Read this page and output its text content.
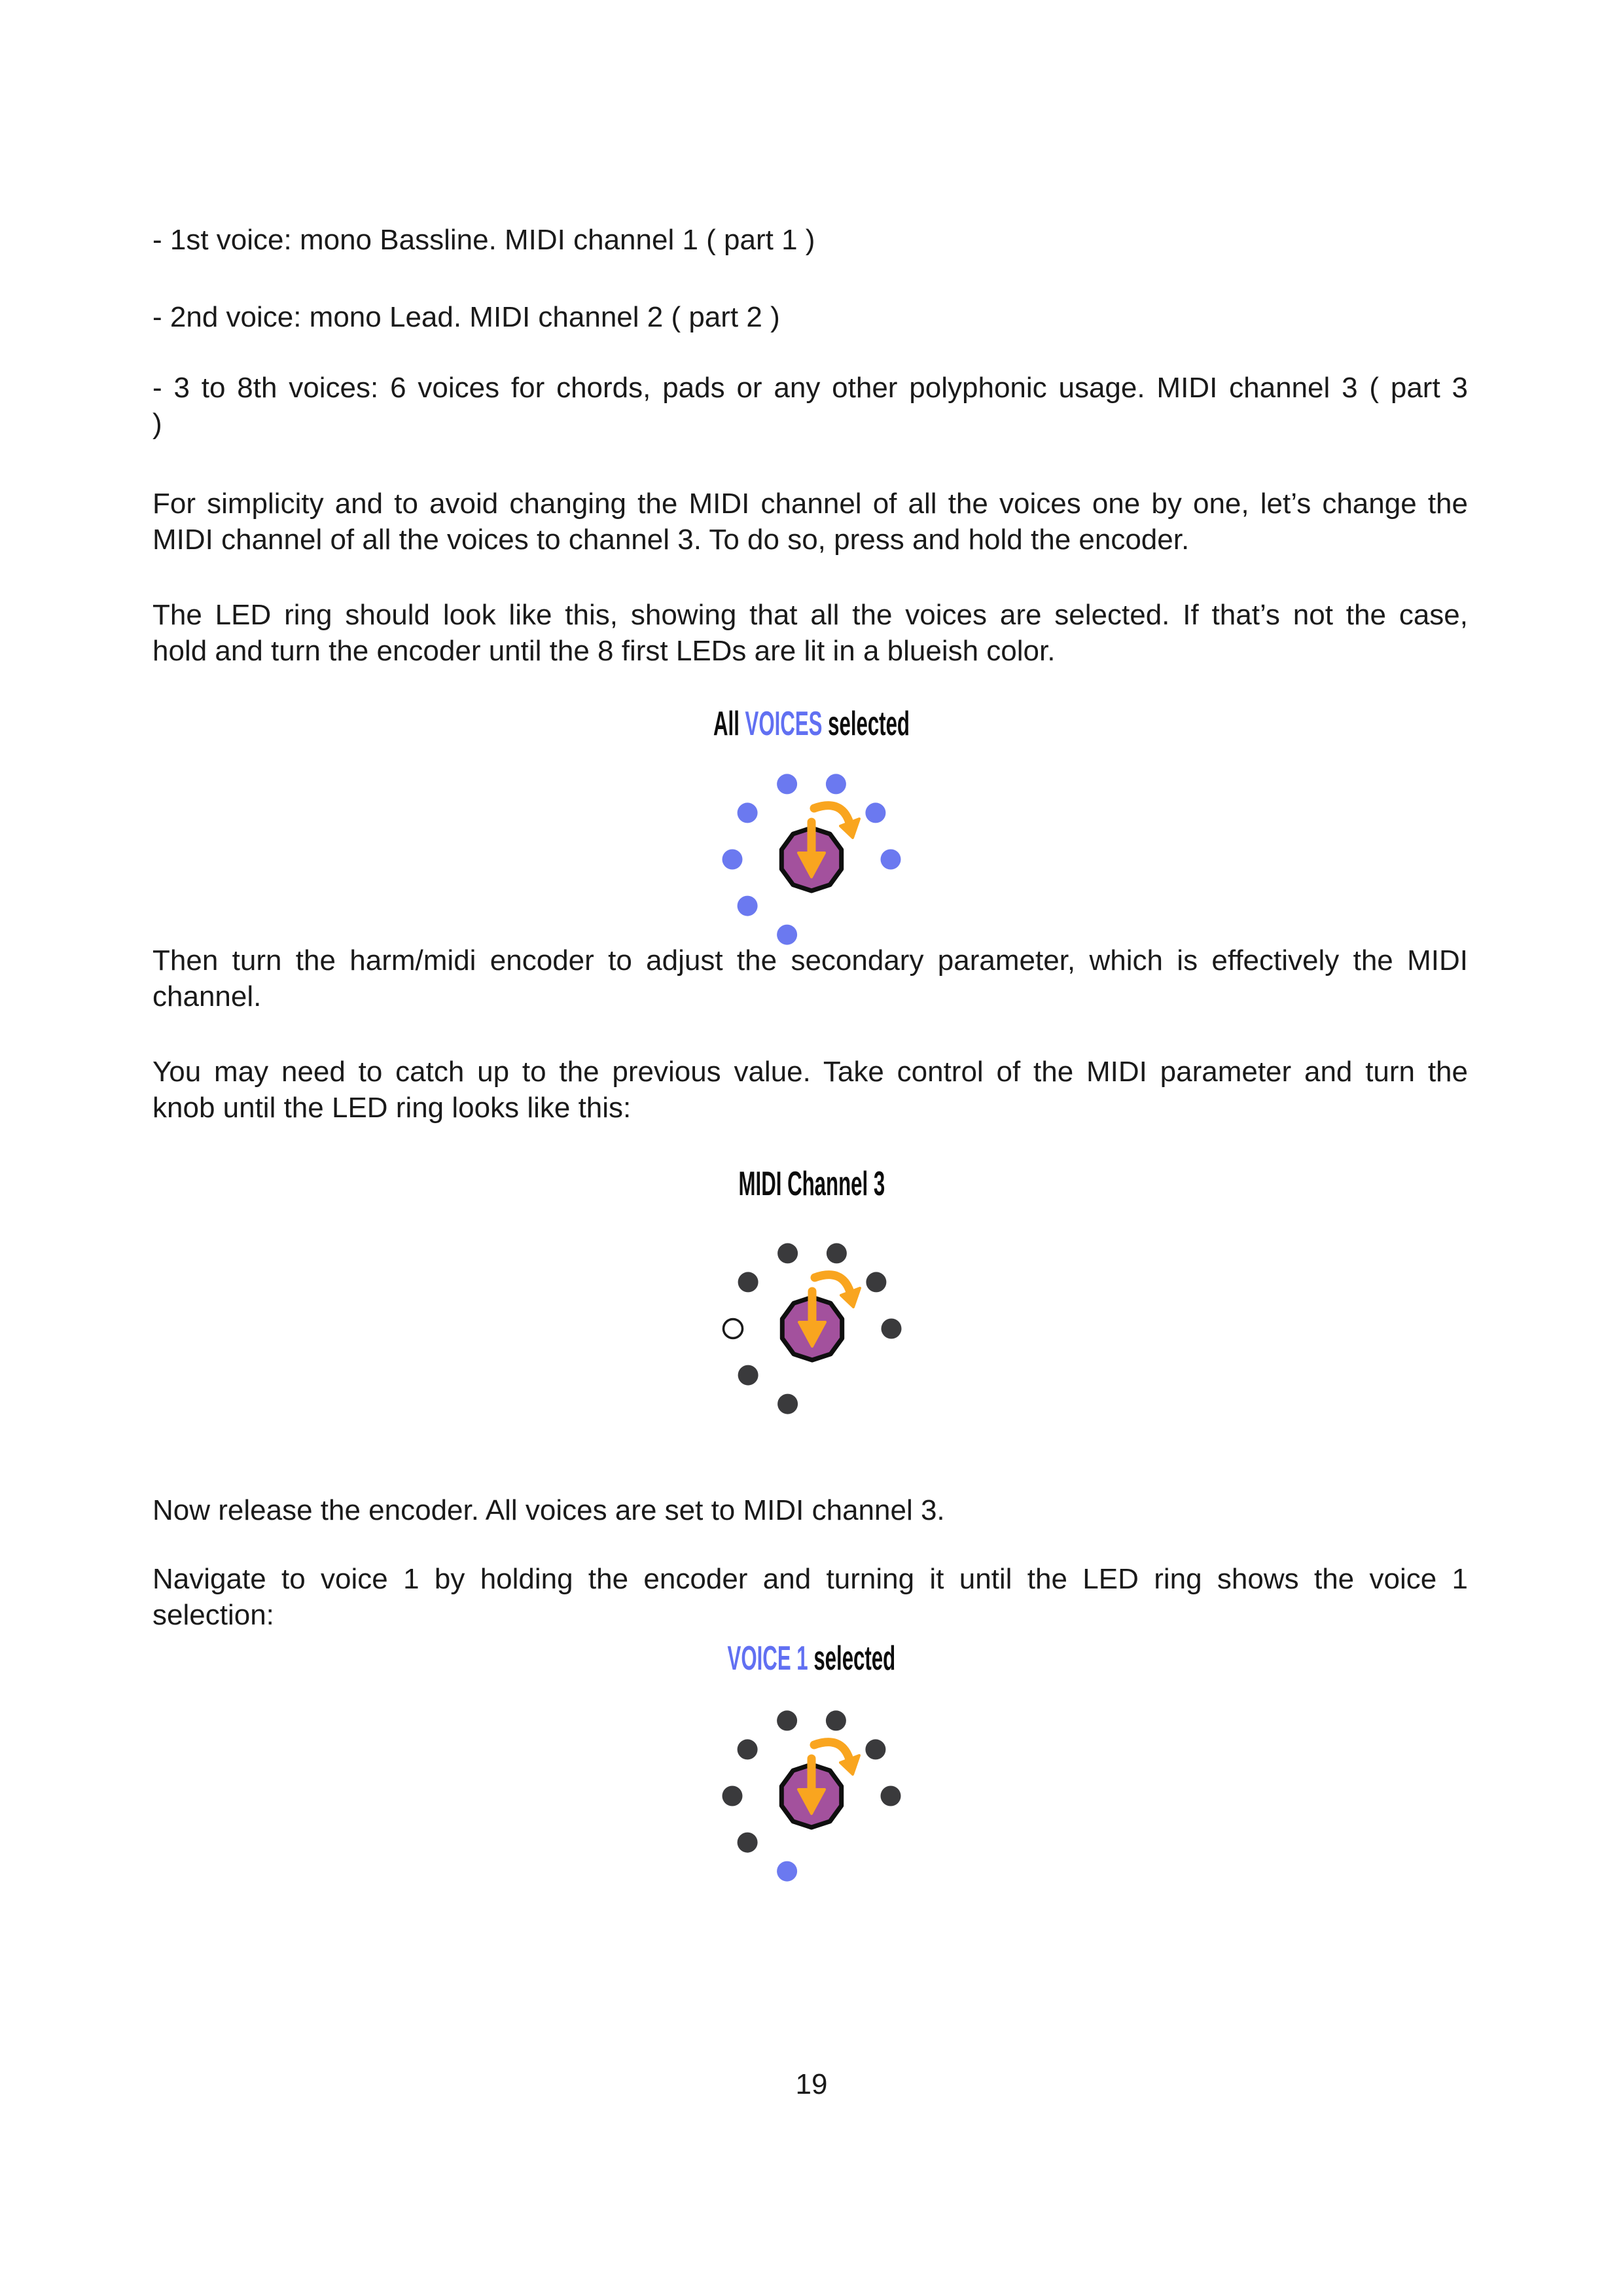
- 1st voice: mono Bassline. MIDI channel 1 ( part 1 )
- 2nd voice: mono Lead. MIDI channel 2 ( part 2 )
- 3 to 8th voices: 6 voices for chords, pads or any other polyphonic usage. MIDI channel 3 ( part 3
)
For simplicity and to avoid changing the MIDI channel of all the voices one by one, let’s change the
MIDI channel of all the voices to channel 3. To do so, press and hold the encoder.
The LED ring should look like this, showing that all the voices are selected. If that’s not the case,
hold and turn the encoder until the 8 first LEDs are lit in a blueish color.
All VOICES selected
Then turn the harm/midi encoder to adjust the secondary parameter, which is effectively the MIDI
channel.
You may need to catch up to the previous value. Take control of the MIDI parameter and turn the
knob until the LED ring looks like this:
MIDI Channel 3
Now release the encoder. All voices are set to MIDI channel 3.
Navigate to voice 1 by holding the encoder and turning it until the LED ring shows the voice 1
selection:
VOICE 1 selected
19
